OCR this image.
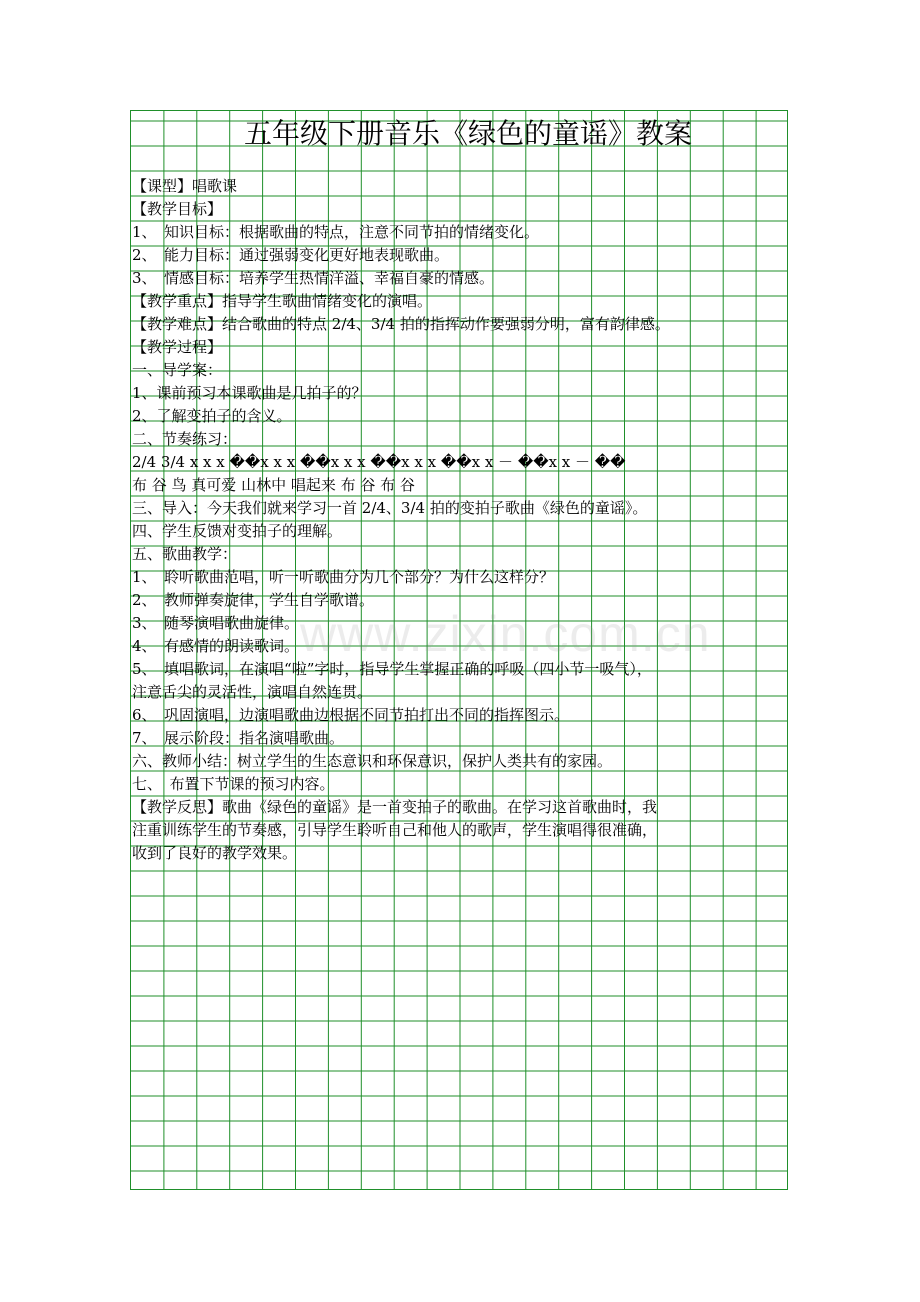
www.zixin.com.cn
五年级下册音乐《绿色的童谣》教案
【课型】唱歌课
【教学目标】
1、　知识目标：根据歌曲的特点，注意不同节拍的情绪变化。
2、　能力目标：通过强弱变化更好地表现歌曲。
3、　情感目标：培养学生热情洋溢、幸福自豪的情感。
【教学重点】指导学生歌曲情绪变化的演唱。
【教学难点】结合歌曲的特点 2/4、3/4 拍的指挥动作要强弱分明，富有韵律感。
【教学过程】
一、导学案：
1、课前预习本课歌曲是几拍子的？
2、了解变拍子的含义。
二、节奏练习：
2/4 3/4 x x x ��x x x ��x x x ��x x x ��x x － ��x x － ��
布 谷 鸟 真可爱 山林中 唱起来 布 谷 布 谷
三、导入：今天我们就来学习一首 2/4、3/4 拍的变拍子歌曲《绿色的童谣》。
四、学生反馈对变拍子的理解。
五、歌曲教学：
1、　聆听歌曲范唱，听一听歌曲分为几个部分？为什么这样分？
2、　教师弹奏旋律，学生自学歌谱。
3、　随琴演唱歌曲旋律。
4、　有感情的朗读歌词。
5、　填唱歌词，在演唱“啦”字时，指导学生掌握正确的呼吸（四小节一吸气），
注意舌尖的灵活性，演唱自然连贯。
6、　巩固演唱，边演唱歌曲边根据不同节拍打出不同的指挥图示。
7、　展示阶段：指名演唱歌曲。
六、教师小结：树立学生的生态意识和环保意识，保护人类共有的家园。
七、　布置下节课的预习内容。
【教学反思】歌曲《绿色的童谣》是一首变拍子的歌曲。在学习这首歌曲时，我
注重训练学生的节奏感，引导学生聆听自己和他人的歌声，学生演唱得很准确，
收到了良好的教学效果。
